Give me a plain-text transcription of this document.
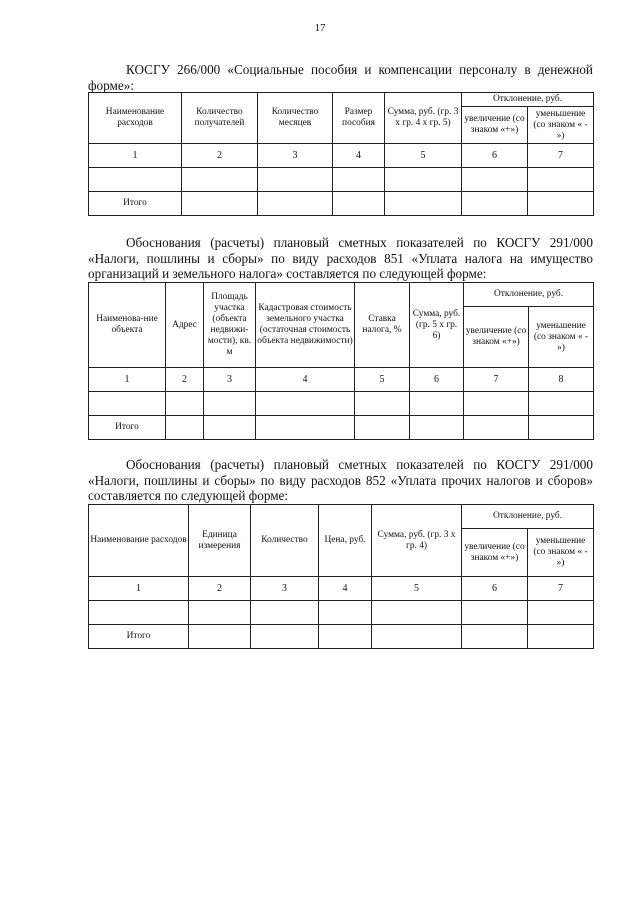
17

КОСГУ 266/000 «Социальные пособия и компенсации персоналу в денежной форме»:

Наименование расходов	Количество получателей	Количество месяцев	Размер пособия	Сумма, руб. (гр. 3 х гр. 4 х гр. 5)	Отклонение, руб.	
					увеличение (со знаком «+»)	уменьшение (со знаком « - »)
1	2	3	4	5	6	7

Итого						

Обоснования (расчеты) плановый сметных показателей по КОСГУ 291/000 «Налоги, пошлины и сборы» по виду расходов 851 «Уплата налога на имущество организаций и земельного налога» составляется по следующей форме:

Наименова-ние объекта	Адрес	Площадь участка (объекта недвижи-мости), кв. м	Кадастровая стоимость земельного участка (остаточная стоимость объекта недвижимости)	Ставка налога, %	Сумма, руб. (гр. 5 х гр. 6)	Отклонение, руб.	
						увеличение (со знаком «+»)	уменьшение (со знаком « - »)
1	2	3	4	5	6	7	8

Итого							

Обоснования (расчеты) плановый сметных показателей по КОСГУ 291/000 «Налоги, пошлины и сборы» по виду расходов 852 «Уплата прочих налогов и сборов» составляется по следующей форме:

Наименование расходов	Единица измерения	Количество	Цена, руб.	Сумма, руб. (гр. 3 х гр. 4)	Отклонение, руб.	
					увеличение (со знаком «+»)	уменьшение (со знаком « - »)
1	2	3	4	5	6	7

Итого						
